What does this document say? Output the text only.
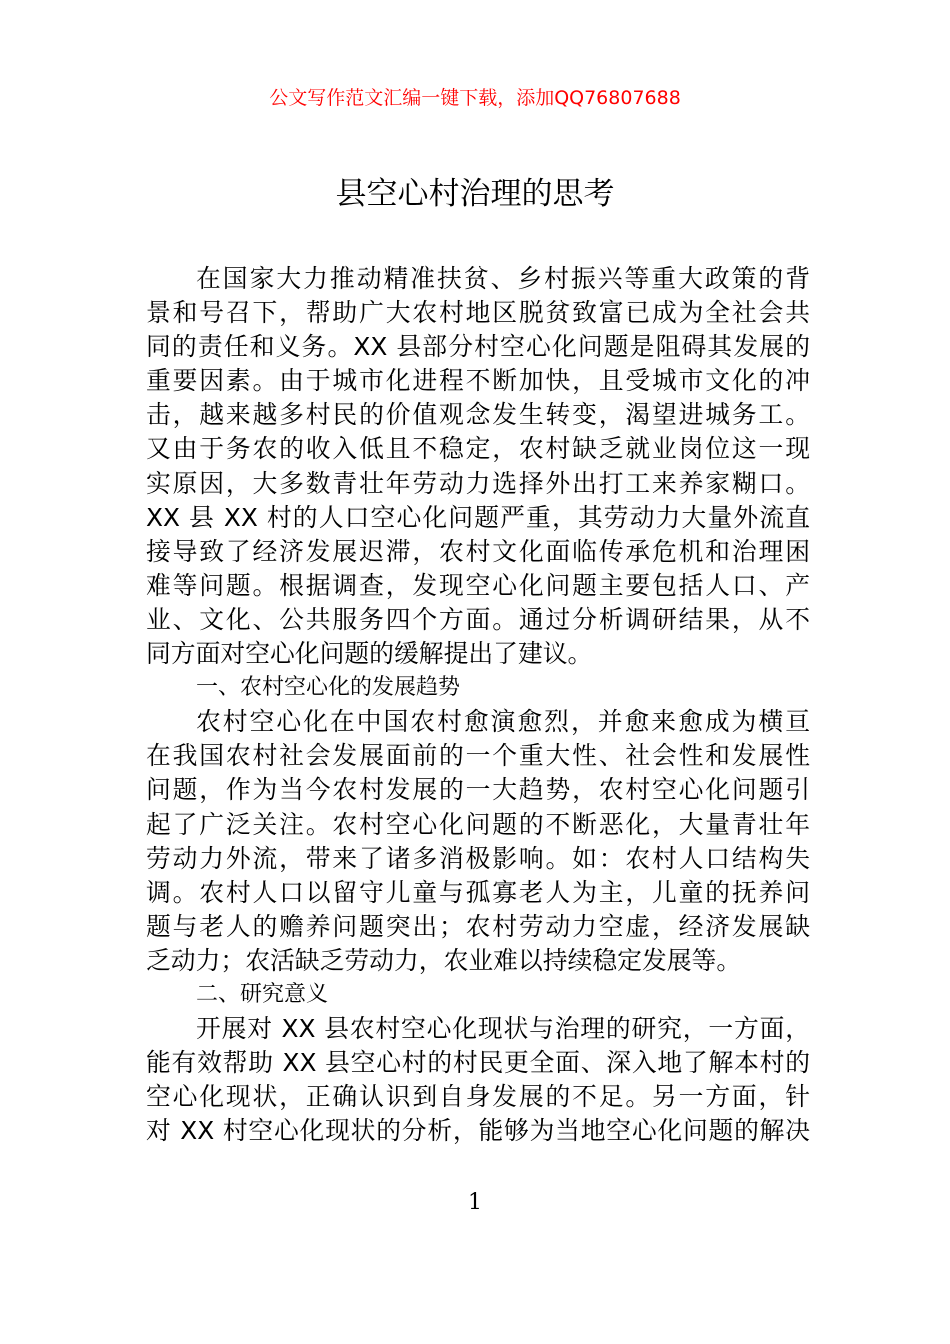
公文写作范文汇编一键下载，添加QQ76807688
县空心村治理的思考
在国家大力推动精准扶贫、乡村振兴等重大政策的背
景和号召下，帮助广大农村地区脱贫致富已成为全社会共
同的责任和义务。XX 县部分村空心化问题是阻碍其发展的
重要因素。由于城市化进程不断加快，且受城市文化的冲
击，越来越多村民的价值观念发生转变，渴望进城务工。
又由于务农的收入低且不稳定，农村缺乏就业岗位这一现
实原因，大多数青壮年劳动力选择外出打工来养家糊口。
XX 县 XX 村的人口空心化问题严重，其劳动力大量外流直
接导致了经济发展迟滞，农村文化面临传承危机和治理困
难等问题。根据调查，发现空心化问题主要包括人口、产
业、文化、公共服务四个方面。通过分析调研结果，从不
同方面对空心化问题的缓解提出了建议。
一、农村空心化的发展趋势
农村空心化在中国农村愈演愈烈，并愈来愈成为横亘
在我国农村社会发展面前的一个重大性、社会性和发展性
问题，作为当今农村发展的一大趋势，农村空心化问题引
起了广泛关注。农村空心化问题的不断恶化，大量青壮年
劳动力外流，带来了诸多消极影响。如：农村人口结构失
调。农村人口以留守儿童与孤寡老人为主，儿童的抚养问
题与老人的赡养问题突出；农村劳动力空虚，经济发展缺
乏动力；农活缺乏劳动力，农业难以持续稳定发展等。
二、研究意义
开展对 XX 县农村空心化现状与治理的研究，一方面，
能有效帮助 XX 县空心村的村民更全面、深入地了解本村的
空心化现状，正确认识到自身发展的不足。另一方面，针
对 XX 村空心化现状的分析，能够为当地空心化问题的解决
1
